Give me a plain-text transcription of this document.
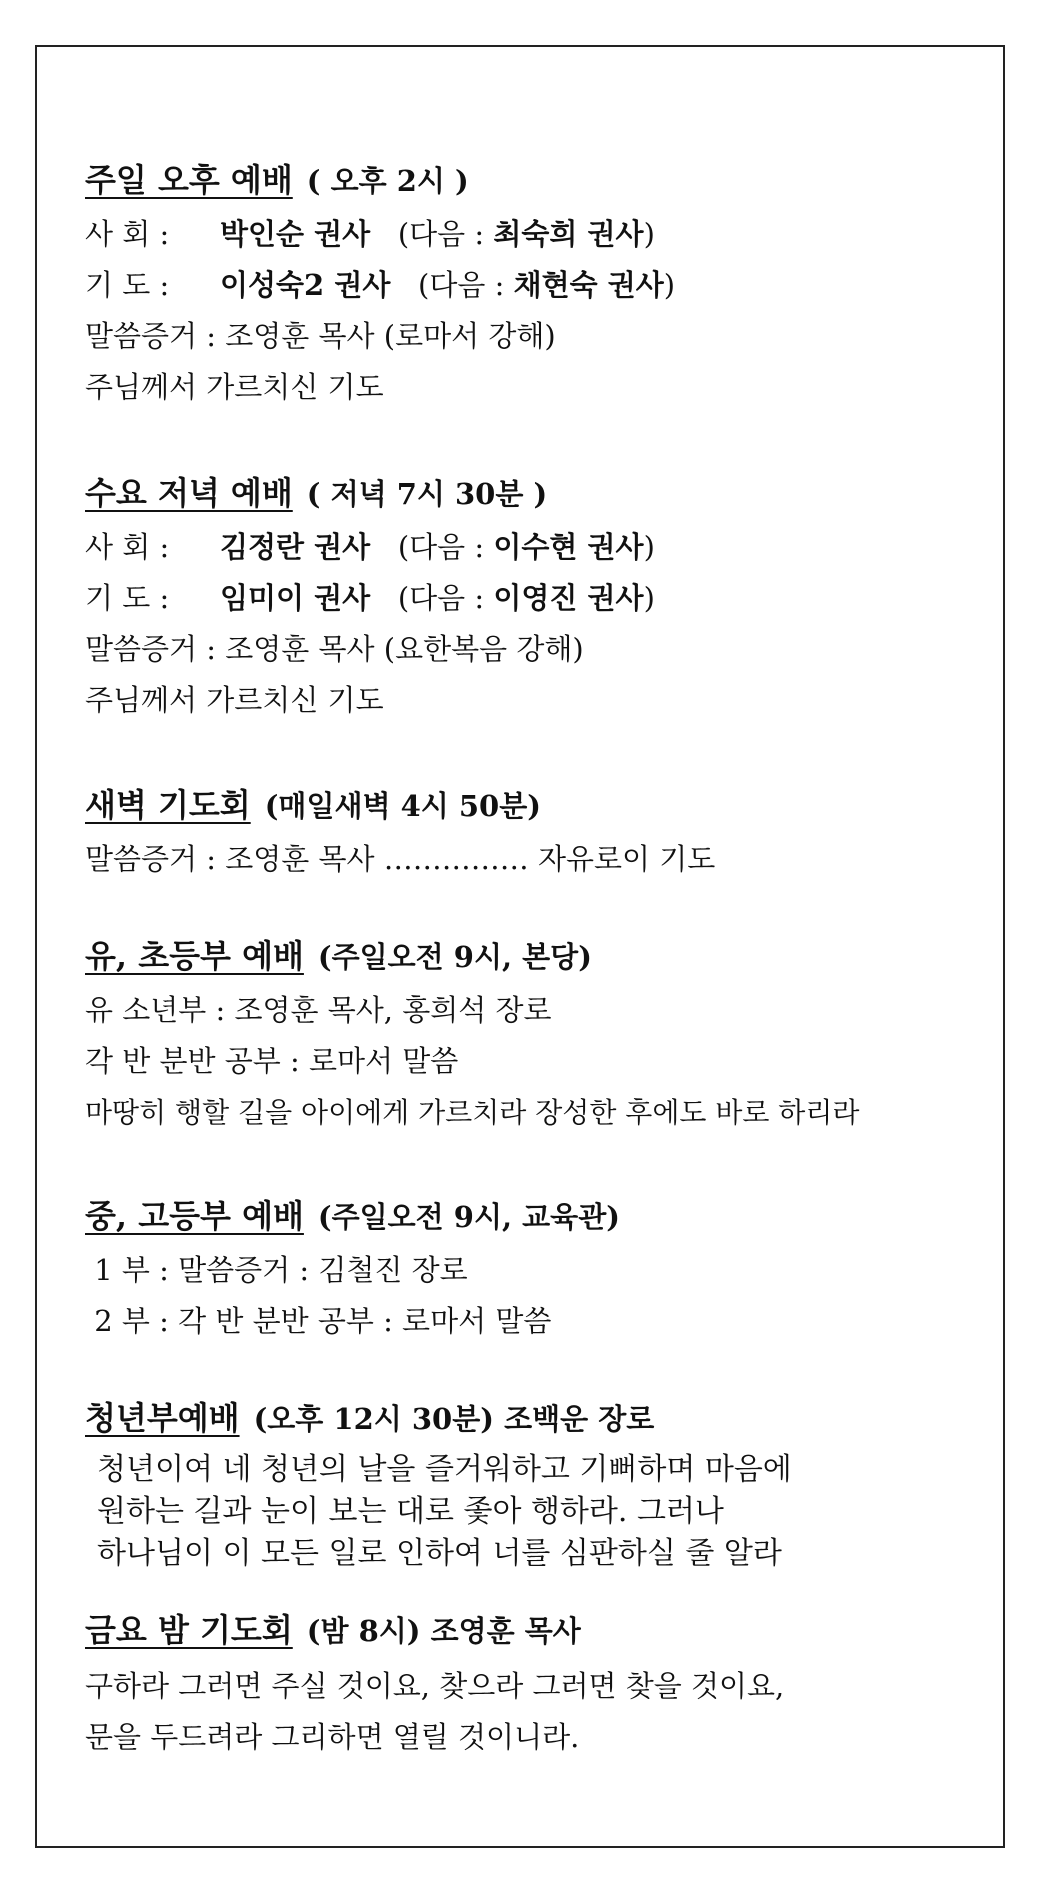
주일 오후 예배 ( 오후 2시 )
사 회 : 박인순 권사 (다음 : 최숙희 권사)
기 도 : 이성숙2 권사 (다음 : 채현숙 권사)
말씀증거 : 조영훈 목사 (로마서 강해)
주님께서 가르치신 기도
수요 저녁 예배 ( 저녁 7시 30분 )
사 회 : 김정란 권사 (다음 : 이수현 권사)
기 도 : 임미이 권사 (다음 : 이영진 권사)
말씀증거 : 조영훈 목사 (요한복음 강해)
주님께서 가르치신 기도
새벽 기도회 (매일새벽 4시 50분)
말씀증거 : 조영훈 목사 …………… 자유로이 기도
유, 초등부 예배 (주일오전 9시, 본당)
유 소년부 : 조영훈 목사, 홍희석 장로
각 반 분반 공부 : 로마서 말씀
마땅히 행할 길을 아이에게 가르치라 장성한 후에도 바로 하리라
중, 고등부 예배 (주일오전 9시, 교육관)
1 부 : 말씀증거 : 김철진 장로
2 부 : 각 반 분반 공부 : 로마서 말씀
청년부예배 (오후 12시 30분) 조백운 장로
청년이여 네 청년의 날을 즐거워하고 기뻐하며 마음에
원하는 길과 눈이 보는 대로 좇아 행하라. 그러나
하나님이 이 모든 일로 인하여 너를 심판하실 줄 알라
금요 밤 기도회 (밤 8시) 조영훈 목사
구하라 그러면 주실 것이요, 찾으라 그러면 찾을 것이요,
문을 두드려라 그리하면 열릴 것이니라.
